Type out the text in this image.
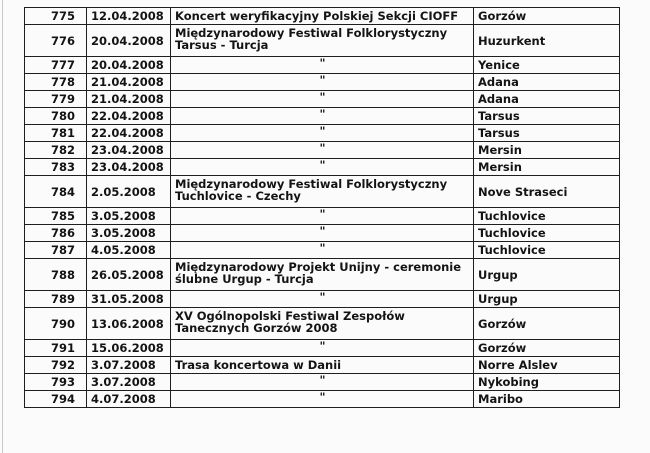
775	12.04.2008	Koncert weryfikacyjny Polskiej Sekcji CIOFF	Gorzów
776	20.04.2008	Międzynarodowy Festiwal Folklorystyczny Tarsus - Turcja	Huzurkent
777	20.04.2008	"	Yenice
778	21.04.2008	"	Adana
779	21.04.2008	"	Adana
780	22.04.2008	"	Tarsus
781	22.04.2008	"	Tarsus
782	23.04.2008	"	Mersin
783	23.04.2008	"	Mersin
784	2.05.2008	Międzynarodowy Festiwal Folklorystyczny Tuchlovice - Czechy	Nove Straseci
785	3.05.2008	"	Tuchlovice
786	3.05.2008	"	Tuchlovice
787	4.05.2008	"	Tuchlovice
788	26.05.2008	Międzynarodowy Projekt Unijny - ceremonie ślubne Urgup - Turcja	Urgup
789	31.05.2008	"	Urgup
790	13.06.2008	XV Ogólnopolski Festiwal Zespołów Tanecznych Gorzów 2008	Gorzów
791	15.06.2008	"	Gorzów
792	3.07.2008	Trasa koncertowa w Danii	Norre Alslev
793	3.07.2008	"	Nykobing
794	4.07.2008	"	Maribo
